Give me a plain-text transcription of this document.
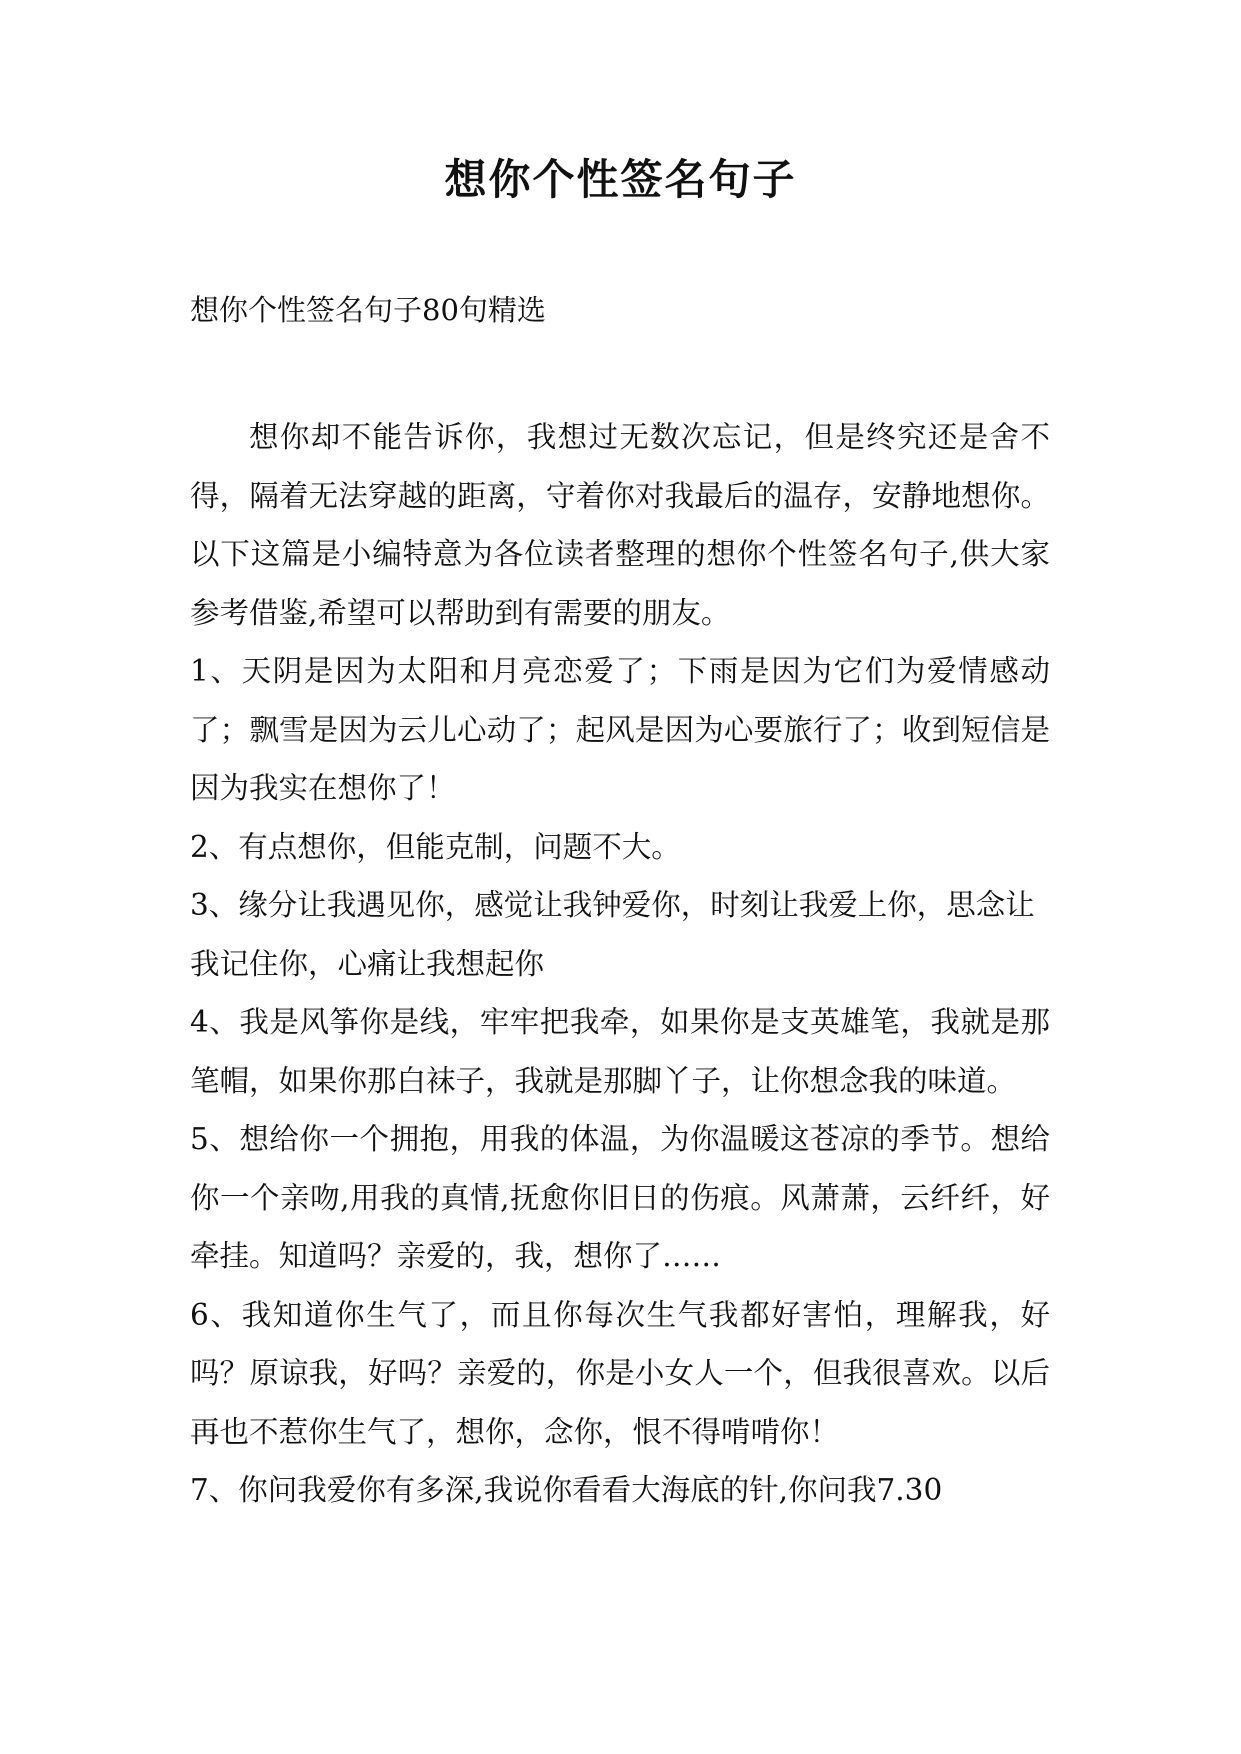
想你个性签名句子

想你个性签名句子80句精选

想你却不能告诉你，我想过无数次忘记，但是终究还是舍不得，隔着无法穿越的距离，守着你对我最后的温存，安静地想你。以下这篇是小编特意为各位读者整理的想你个性签名句子,供大家参考借鉴,希望可以帮助到有需要的朋友。

1、天阴是因为太阳和月亮恋爱了；下雨是因为它们为爱情感动了；飘雪是因为云儿心动了；起风是因为心要旅行了；收到短信是因为我实在想你了！

2、有点想你，但能克制，问题不大。

3、缘分让我遇见你，感觉让我钟爱你，时刻让我爱上你，思念让我记住你，心痛让我想起你

4、我是风筝你是线，牢牢把我牵，如果你是支英雄笔，我就是那笔帽，如果你那白袜子，我就是那脚丫子，让你想念我的味道。

5、想给你一个拥抱，用我的体温，为你温暖这苍凉的季节。想给你一个亲吻,用我的真情,抚愈你旧日的伤痕。风萧萧，云纤纤，好牵挂。知道吗？亲爱的，我，想你了……

6、我知道你生气了，而且你每次生气我都好害怕，理解我，好吗？原谅我，好吗？亲爱的，你是小女人一个，但我很喜欢。以后再也不惹你生气了，想你，念你，恨不得啃啃你！

7、你问我爱你有多深,我说你看看大海底的针,你问我7.30
